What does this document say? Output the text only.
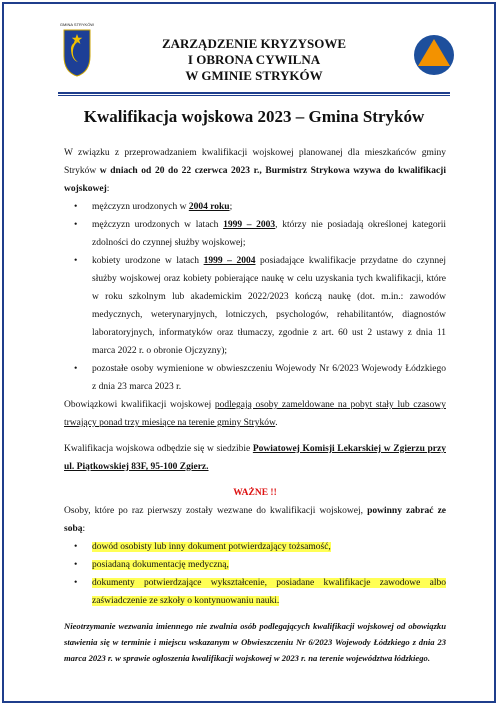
GMINA STRYKÓW
ZARZĄDZENIE KRYZYSOWE
I OBRONA CYWILNA
W GMINIE STRYKÓW
Kwalifikacja wojskowa 2023 – Gmina Stryków

W związku z przeprowadzaniem kwalifikacji wojskowej planowanej dla mieszkańców gminy Stryków w dniach od 20 do 22 czerwca 2023 r., Burmistrz Strykowa wzywa do kwalifikacji wojskowej:

• mężczyzn urodzonych w 2004 roku;
• mężczyzn urodzonych w latach 1999 – 2003, którzy nie posiadają określonej kategorii zdolności do czynnej służby wojskowej;
• kobiety urodzone w latach 1999 – 2004 posiadające kwalifikacje przydatne do czynnej służby wojskowej oraz kobiety pobierające naukę w celu uzyskania tych kwalifikacji, które w roku szkolnym lub akademickim 2022/2023 kończą naukę (dot. m.in.: zawodów medycznych, weterynaryjnych, lotniczych, psychologów, rehabilitantów, diagnostów laboratoryjnych, informatyków oraz tłumaczy, zgodnie z art. 60 ust 2 ustawy z dnia 11 marca 2022 r. o obronie Ojczyzny);
• pozostałe osoby wymienione w obwieszczeniu Wojewody Nr 6/2023 Wojewody Łódzkiego z dnia 23 marca 2023 r.

Obowiązkowi kwalifikacji wojskowej podlegają osoby zameldowane na pobyt stały lub czasowy trwający ponad trzy miesiące na terenie gminy Stryków.

Kwalifikacja wojskowa odbędzie się w siedzibie Powiatowej Komisji Lekarskiej w Zgierzu przy ul. Piątkowskiej 83F, 95-100 Zgierz.

WAŻNE !!

Osoby, które po raz pierwszy zostały wezwane do kwalifikacji wojskowej, powinny zabrać ze sobą:

• dowód osobisty lub inny dokument potwierdzający tożsamość,
• posiadaną dokumentację medyczną,
• dokumenty potwierdzające wykształcenie, posiadane kwalifikacje zawodowe albo zaświadczenie ze szkoły o kontynuowaniu nauki.

Nieotrzymanie wezwania imiennego nie zwalnia osób podlegających kwalifikacji wojskowej od obowiązku stawienia się w terminie i miejscu wskazanym w Obwieszczeniu Nr 6/2023 Wojewody Łódzkiego z dnia 23 marca 2023 r. w sprawie ogłoszenia kwalifikacji wojskowej w 2023 r. na terenie województwa łódzkiego.
